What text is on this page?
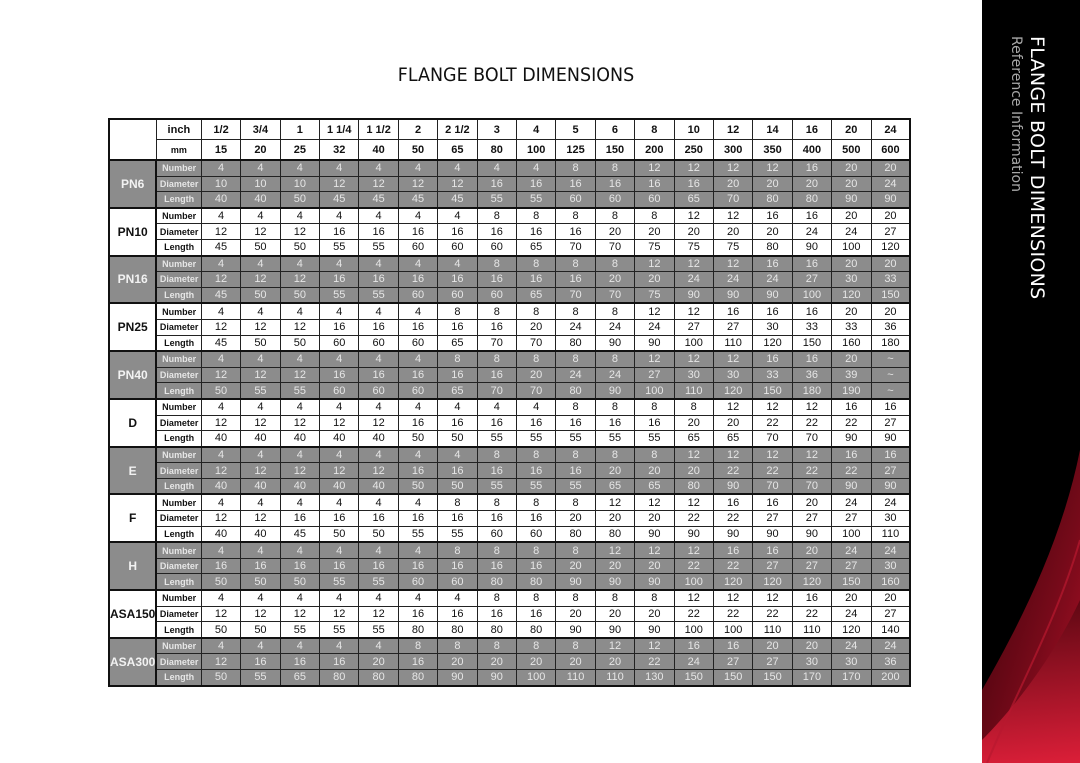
FLANGE BOLT DIMENSIONS
	inch	1/2	3/4	1	1 1/4	1 1/2	2	2 1/2	3	4	5	6	8	10	12	14	16	20	24
	mm	15	20	25	32	40	50	65	80	100	125	150	200	250	300	350	400	500	600
PN6	Number	4	4	4	4	4	4	4	4	4	8	8	12	12	12	12	16	20	20
	Diameter	10	10	10	12	12	12	12	16	16	16	16	16	16	20	20	20	20	24
	Length	40	40	50	45	45	45	45	55	55	60	60	60	65	70	80	80	90	90
PN10	Number	4	4	4	4	4	4	4	8	8	8	8	8	12	12	16	16	20	20
	Diameter	12	12	12	16	16	16	16	16	16	16	20	20	20	20	20	24	24	27
	Length	45	50	50	55	55	60	60	60	65	70	70	75	75	75	80	90	100	120
PN16	Number	4	4	4	4	4	4	4	8	8	8	8	12	12	12	16	16	20	20
	Diameter	12	12	12	16	16	16	16	16	16	16	20	20	24	24	24	27	30	33
	Length	45	50	50	55	55	60	60	60	65	70	70	75	90	90	90	100	120	150
PN25	Number	4	4	4	4	4	4	8	8	8	8	8	12	12	16	16	16	20	20
	Diameter	12	12	12	16	16	16	16	16	20	24	24	24	27	27	30	33	33	36
	Length	45	50	50	60	60	60	65	70	70	80	90	90	100	110	120	150	160	180
PN40	Number	4	4	4	4	4	4	8	8	8	8	8	12	12	12	16	16	20	~
	Diameter	12	12	12	16	16	16	16	16	20	24	24	27	30	30	33	36	39	~
	Length	50	55	55	60	60	60	65	70	70	80	90	100	110	120	150	180	190	~
D	Number	4	4	4	4	4	4	4	4	4	8	8	8	8	12	12	12	16	16
	Diameter	12	12	12	12	12	16	16	16	16	16	16	16	20	20	22	22	22	27
	Length	40	40	40	40	40	50	50	55	55	55	55	55	65	65	70	70	90	90
E	Number	4	4	4	4	4	4	4	8	8	8	8	8	12	12	12	12	16	16
	Diameter	12	12	12	12	12	16	16	16	16	16	20	20	20	22	22	22	22	27
	Length	40	40	40	40	40	50	50	55	55	55	65	65	80	90	70	70	90	90
F	Number	4	4	4	4	4	4	8	8	8	8	12	12	12	16	16	20	24	24
	Diameter	12	12	16	16	16	16	16	16	16	20	20	20	22	22	27	27	27	30
	Length	40	40	45	50	50	55	55	60	60	80	80	90	90	90	90	90	100	110
H	Number	4	4	4	4	4	4	8	8	8	8	12	12	12	16	16	20	24	24
	Diameter	16	16	16	16	16	16	16	16	16	20	20	20	22	22	27	27	27	30
	Length	50	50	50	55	55	60	60	80	80	90	90	90	100	120	120	120	150	160
ASA150	Number	4	4	4	4	4	4	4	8	8	8	8	8	12	12	12	16	20	20
	Diameter	12	12	12	12	12	16	16	16	16	20	20	20	22	22	22	22	24	27
	Length	50	50	55	55	55	80	80	80	80	90	90	90	100	100	110	110	120	140
ASA300	Number	4	4	4	4	4	8	8	8	8	8	12	12	16	16	20	20	24	24
	Diameter	12	16	16	16	20	16	20	20	20	20	20	22	24	27	27	30	30	36
	Length	50	55	65	80	80	80	90	90	100	110	110	130	150	150	150	170	170	200
FLANGE BOLT DIMENSIONS
Reference Information
